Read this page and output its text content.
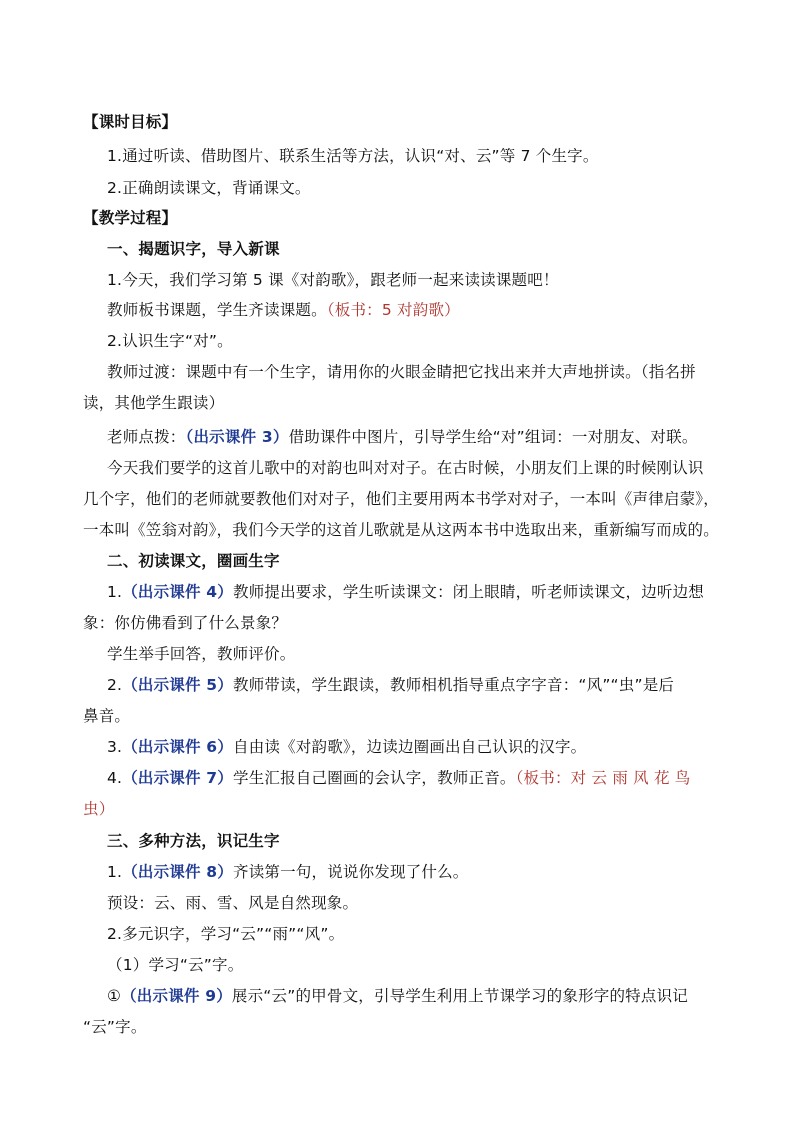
【课时目标】
1.通过听读、借助图片、联系生活等方法，认识“对、云”等 7 个生字。
2.正确朗读课文，背诵课文。
【教学过程】
一、揭题识字，导入新课
1.今天，我们学习第 5 课《对韵歌》，跟老师一起来读读课题吧！
教师板书课题，学生齐读课题。（板书：5 对韵歌）
2.认识生字“对”。
教师过渡：课题中有一个生字，请用你的火眼金睛把它找出来并大声地拼读。（指名拼
读，其他学生跟读）
老师点拨：（出示课件 3）借助课件中图片，引导学生给“对”组词：一对朋友、对联。
今天我们要学的这首儿歌中的对韵也叫对对子。在古时候，小朋友们上课的时候刚认识
几个字，他们的老师就要教他们对对子，他们主要用两本书学对对子，一本叫《声律启蒙》，
一本叫《笠翁对韵》，我们今天学的这首儿歌就是从这两本书中选取出来，重新编写而成的。
二、初读课文，圈画生字
1.（出示课件 4）教师提出要求，学生听读课文：闭上眼睛，听老师读课文，边听边想
象：你仿佛看到了什么景象？
学生举手回答，教师评价。
2.（出示课件 5）教师带读，学生跟读，教师相机指导重点字字音：“风”“虫”是后
鼻音。
3.（出示课件 6）自由读《对韵歌》，边读边圈画出自己认识的汉字。
4.（出示课件 7）学生汇报自己圈画的会认字，教师正音。（板书：对 云 雨 风 花 鸟
虫）
三、多种方法，识记生字
1.（出示课件 8）齐读第一句，说说你发现了什么。
预设：云、雨、雪、风是自然现象。
2.多元识字，学习“云”“雨”“风”。
（1）学习“云”字。
①（出示课件 9）展示“云”的甲骨文，引导学生利用上节课学习的象形字的特点识记
“云”字。
